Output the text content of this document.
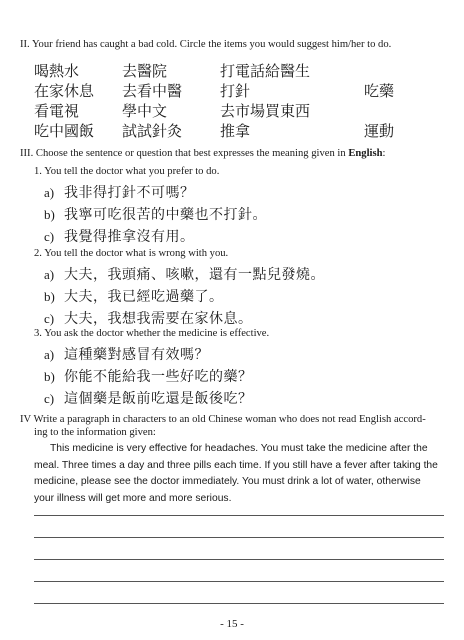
II. Your friend has caught a bad cold. Circle the items you would suggest him/her to do.
喝熱水	去醫院	打電話給醫生
在家休息 去看中醫	打針	吃藥
看電視	學中文	去市場買東西
吃中國飯 試試針灸	推拿	運動
III. Choose the sentence or question that best expresses the meaning given in English:
1. You tell the doctor what you prefer to do.
a) 我非得打針不可嗎？
b) 我寧可吃很苦的中藥也不打針。
c) 我覺得推拿沒有用。
2. You tell the doctor what is wrong with you.
a) 大夫，我頭痛、咳嗽，還有一點兒發燒。
b) 大夫，我已經吃過藥了。
c) 大夫，我想我需要在家休息。
3. You ask the doctor whether the medicine is effective.
a) 這種藥對感冒有效嗎？
b) 你能不能給我一些好吃的藥？
c) 這個藥是飯前吃還是飯後吃？
IV Write a paragraph in characters to an old Chinese woman who does not read English accord-
ing to the information given:
This medicine is very effective for headaches. You must take the medicine after the meal. Three times a day and three pills each time. If you still have a fever after taking the medicine, please see the doctor immediately. You must drink a lot of water, otherwise your illness will get more and more serious.
- 15 -
